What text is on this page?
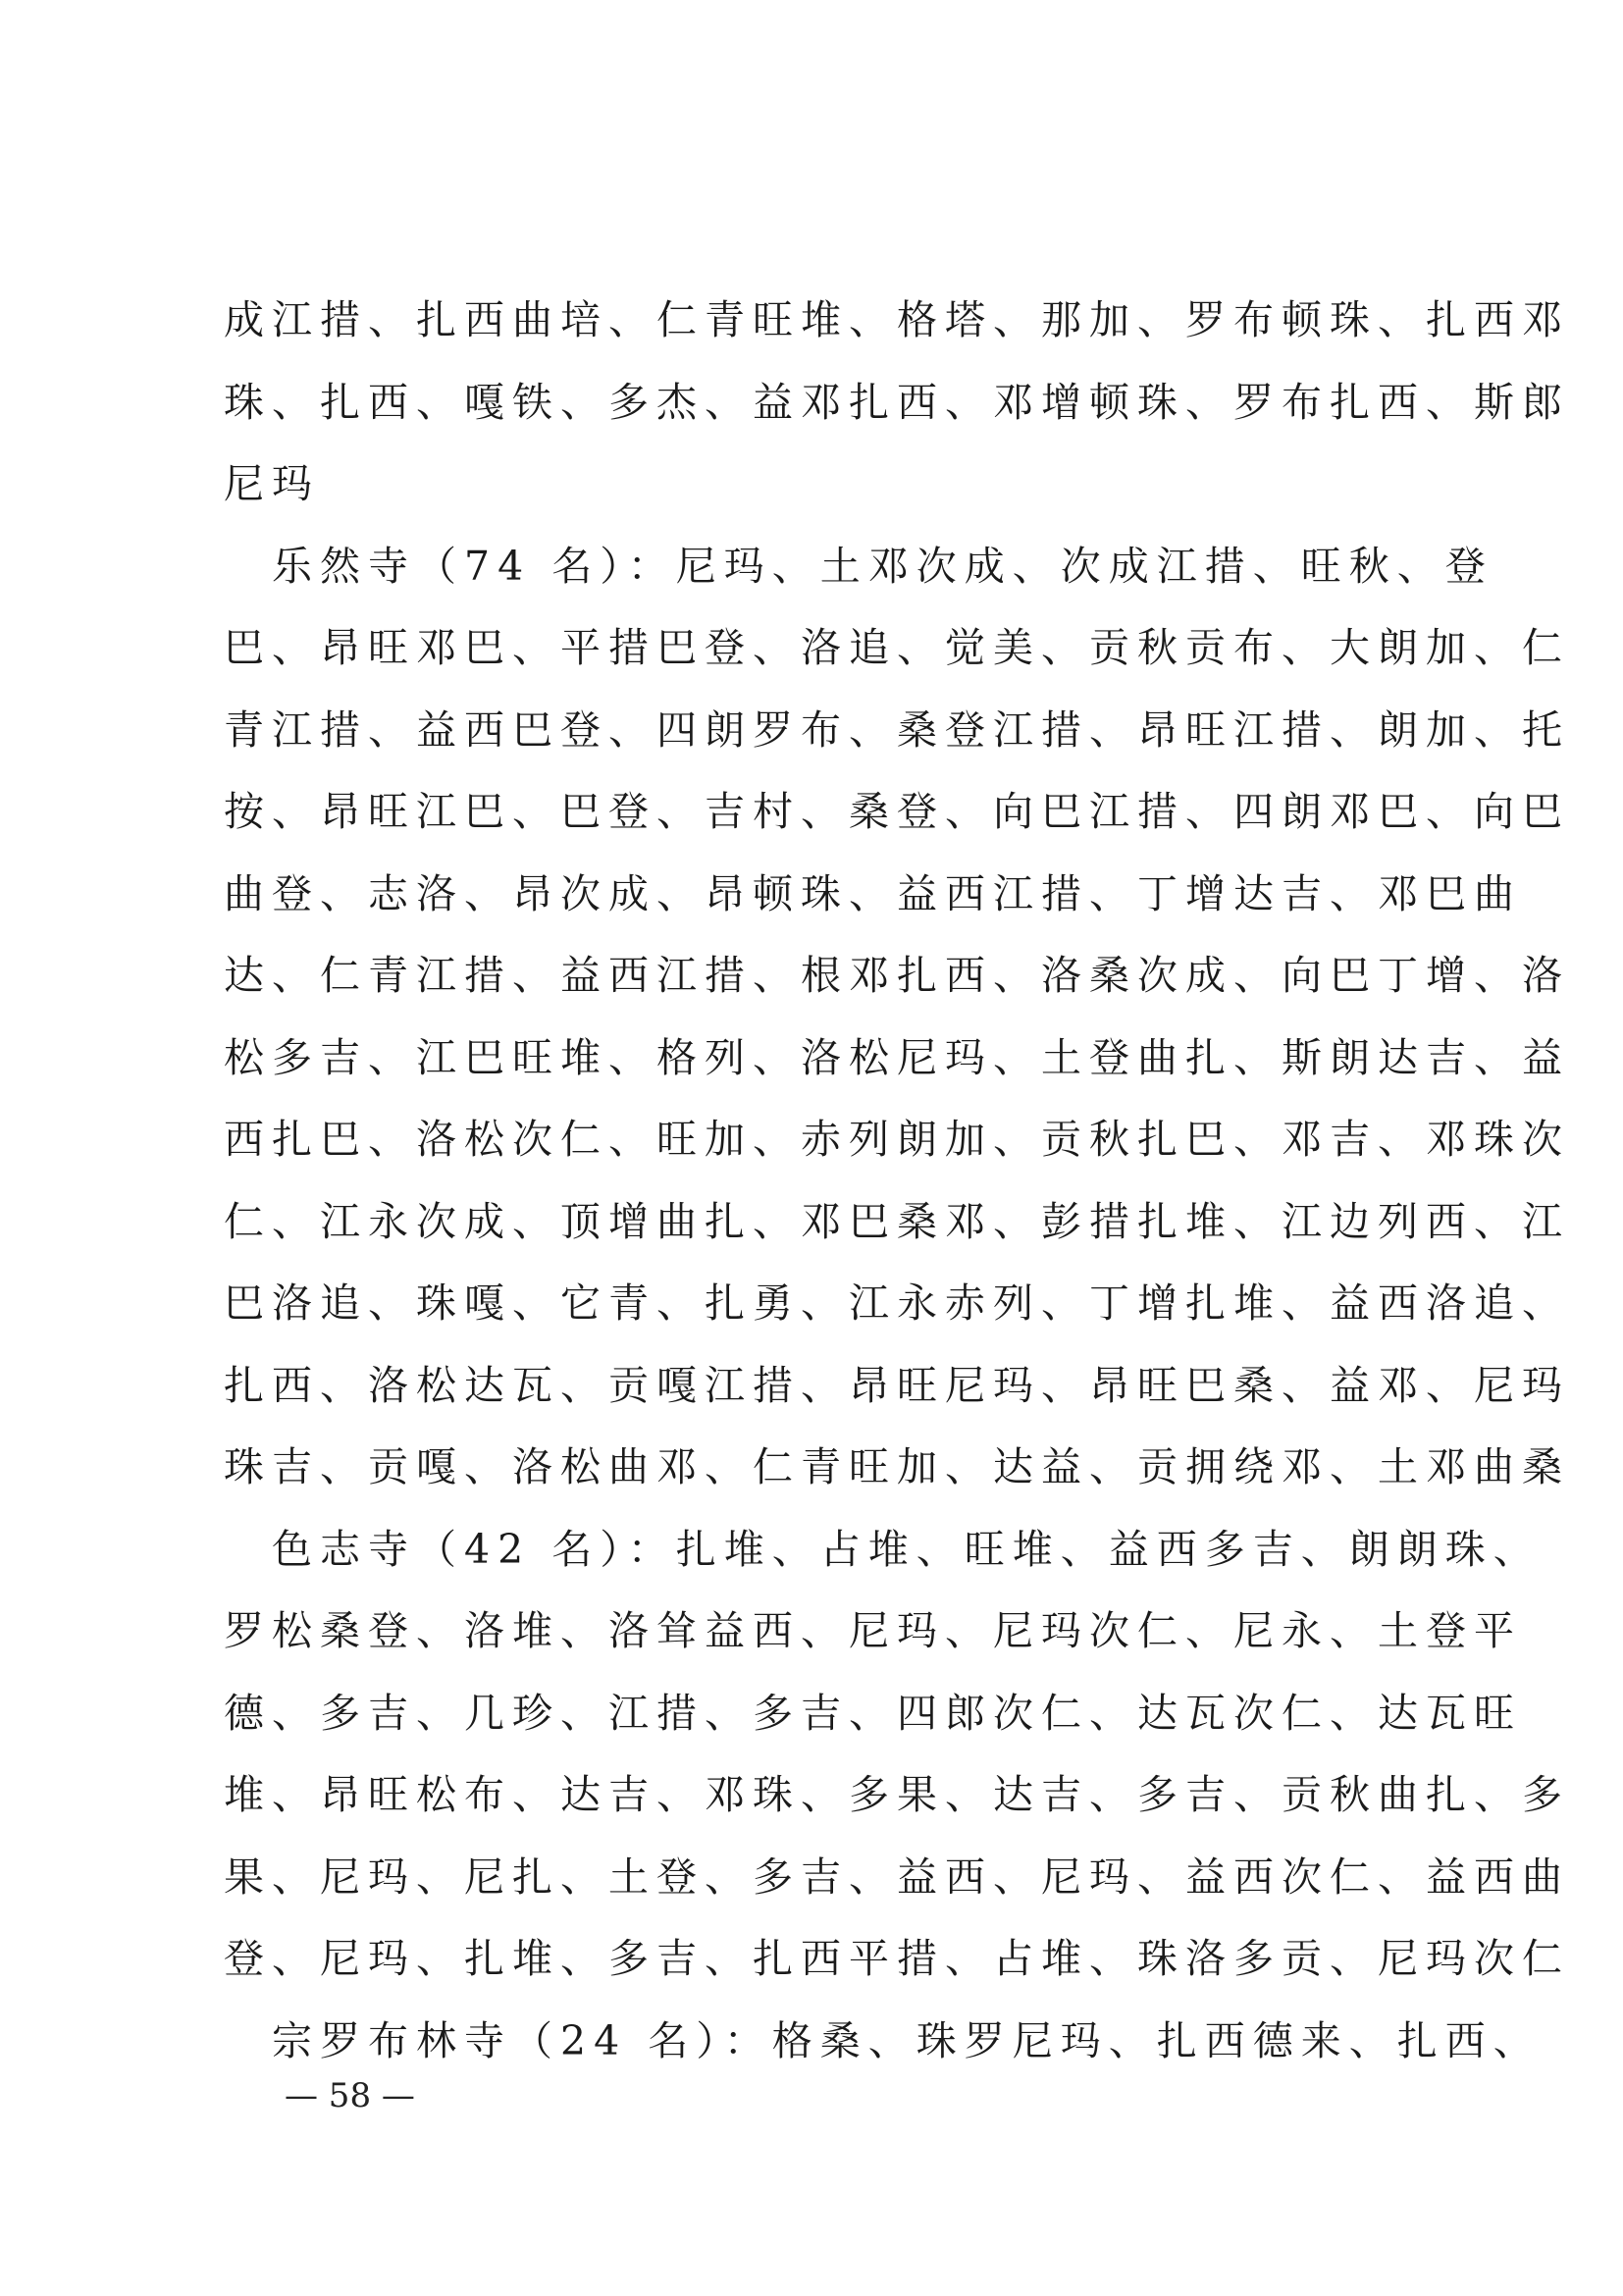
成江措、扎西曲培、仁青旺堆、格塔、那加、罗布顿珠、扎西邓
珠、扎西、嘎铁、多杰、益邓扎西、邓增顿珠、罗布扎西、斯郎
尼玛
　乐然寺（74 名）：尼玛、土邓次成、次成江措、旺秋、登
巴、昂旺邓巴、平措巴登、洛追、觉美、贡秋贡布、大朗加、仁
青江措、益西巴登、四朗罗布、桑登江措、昂旺江措、朗加、托
按、昂旺江巴、巴登、吉村、桑登、向巴江措、四朗邓巴、向巴
曲登、志洛、昂次成、昂顿珠、益西江措、丁增达吉、邓巴曲
达、仁青江措、益西江措、根邓扎西、洛桑次成、向巴丁增、洛
松多吉、江巴旺堆、格列、洛松尼玛、土登曲扎、斯朗达吉、益
西扎巴、洛松次仁、旺加、赤列朗加、贡秋扎巴、邓吉、邓珠次
仁、江永次成、顶增曲扎、邓巴桑邓、彭措扎堆、江边列西、江
巴洛追、珠嘎、它青、扎勇、江永赤列、丁增扎堆、益西洛追、
扎西、洛松达瓦、贡嘎江措、昂旺尼玛、昂旺巴桑、益邓、尼玛
珠吉、贡嘎、洛松曲邓、仁青旺加、达益、贡拥绕邓、土邓曲桑
　色志寺（42 名）：扎堆、占堆、旺堆、益西多吉、朗朗珠、
罗松桑登、洛堆、洛耸益西、尼玛、尼玛次仁、尼永、土登平
德、多吉、几珍、江措、多吉、四郎次仁、达瓦次仁、达瓦旺
堆、昂旺松布、达吉、邓珠、多果、达吉、多吉、贡秋曲扎、多
果、尼玛、尼扎、土登、多吉、益西、尼玛、益西次仁、益西曲
登、尼玛、扎堆、多吉、扎西平措、占堆、珠洛多贡、尼玛次仁
　宗罗布林寺（24 名）：格桑、珠罗尼玛、扎西德来、扎西、
— 58 —
